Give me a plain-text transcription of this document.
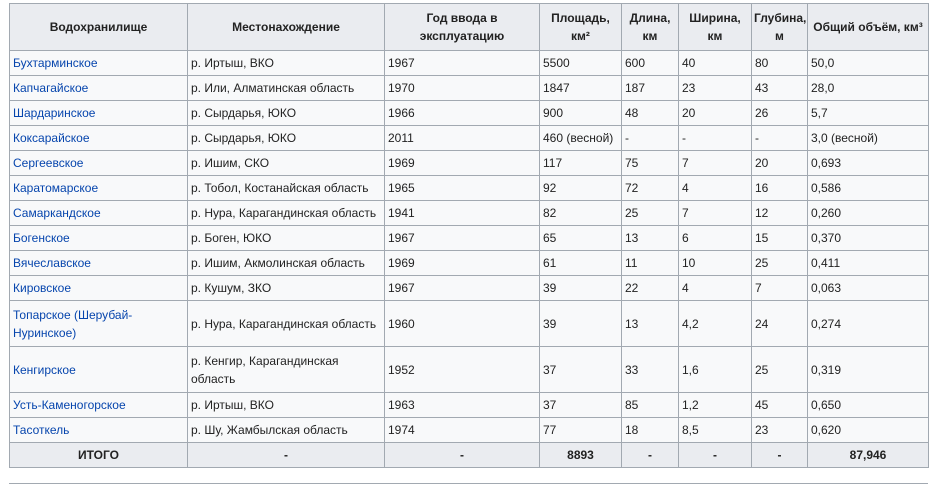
Водохранилище	Местонахождение	Год ввода в эксплуатацию	Площадь, км²	Длина, км	Ширина, км	Глубина, м	Общий объём, км³
Бухтарминское	р. Иртыш, ВКО	1967	5500	600	40	80	50,0
Капчагайское	р. Или, Алматинская область	1970	1847	187	23	43	28,0
Шардаринское	р. Сырдарья, ЮКО	1966	900	48	20	26	5,7
Коксарайское	р. Сырдарья, ЮКО	2011	460 (весной)	-	-	-	3,0 (весной)
Сергеевское	р. Ишим, СКО	1969	117	75	7	20	0,693
Каратомарское	р. Тобол, Костанайская область	1965	92	72	4	16	0,586
Самаркандское	р. Нура, Карагандинская область	1941	82	25	7	12	0,260
Богенское	р. Боген, ЮКО	1967	65	13	6	15	0,370
Вячеславское	р. Ишим, Акмолинская область	1969	61	11	10	25	0,411
Кировское	р. Кушум, ЗКО	1967	39	22	4	7	0,063
Топарское (Шерубай-Нуринское)	р. Нура, Карагандинская область	1960	39	13	4,2	24	0,274
Кенгирское	р. Кенгир, Карагандинская область	1952	37	33	1,6	25	0,319
Усть-Каменогорское	р. Иртыш, ВКО	1963	37	85	1,2	45	0,650
Тасоткель	р. Шу, Жамбылская область	1974	77	18	8,5	23	0,620
ИТОГО	-	-	8893	-	-	-	87,946
